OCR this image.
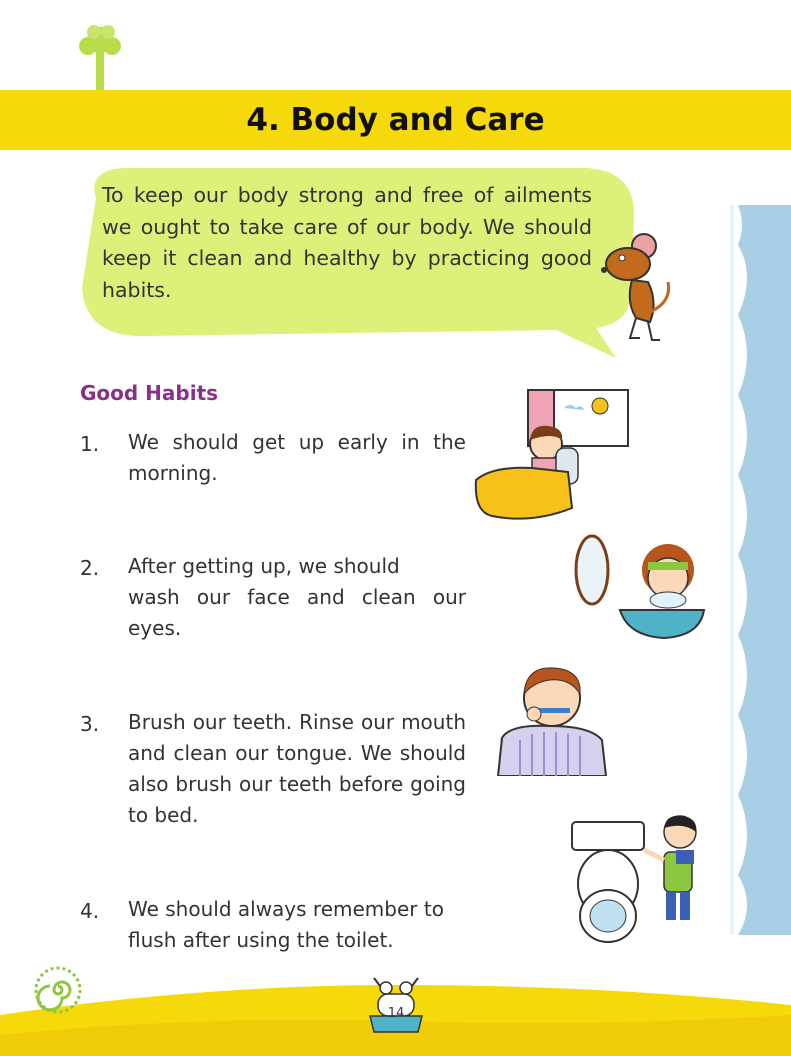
4. Body and Care

To keep our body strong and free of ailments we ought to take care of our body. We should keep it clean and healthy by practicing good habits.

Good Habits

1. We should get up early in the morning.

2. After getting up, we should

wash our face and clean our eyes.

3. Brush our teeth. Rinse our mouth and clean our tongue. We should also brush our teeth before going to bed.

4. We should always remember to flush after using the toilet.

14
